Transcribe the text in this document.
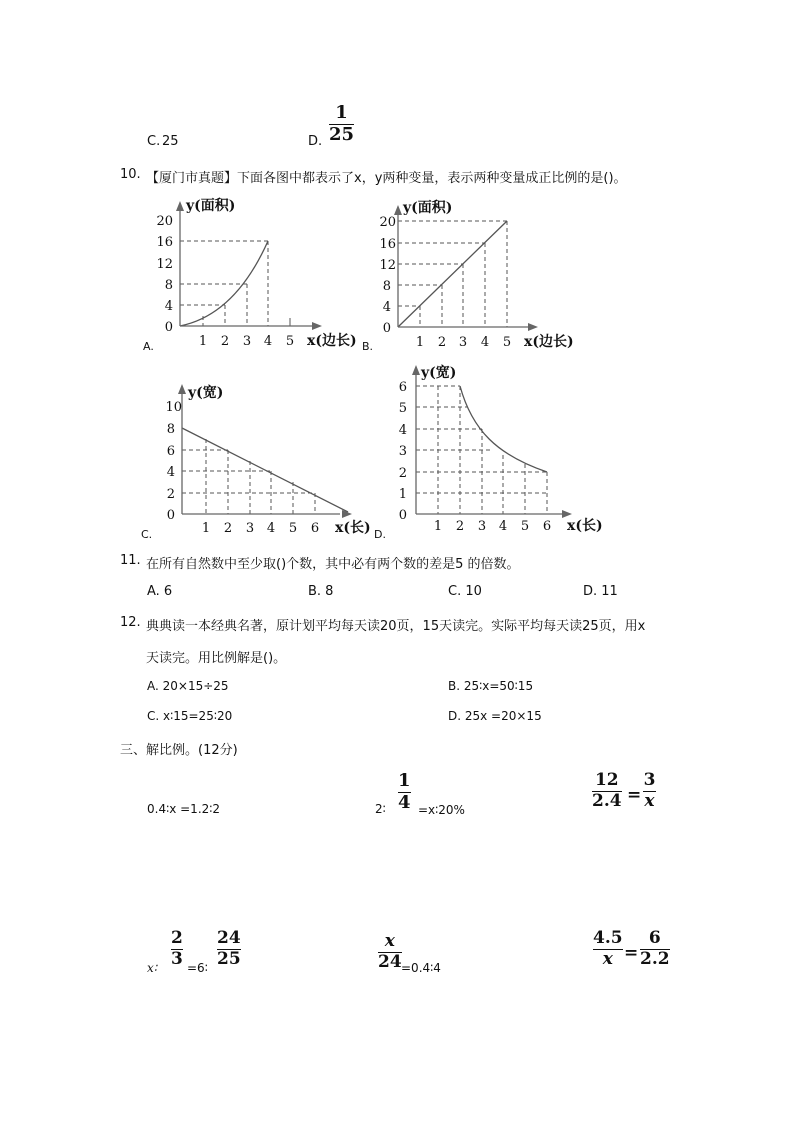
C. 25	D.
1
25
10. 【厦门市真题】下面各图中都表示了x，y两种变量，表示两种变量成正比例的是()。
y(面积)
x(边长)
20
16
12
8
4
0
1 2 3 4 5
A.
y(面积)
x(边长)
20
16
12
8
4
0
1 2 3 4 5
B.
y(宽)
x(长)
10
8
6
4
2
0
1 2 3 4 5 6
C.
y(宽)
x(长)
6
5
4
3
2
1
0
1 2 3 4 5 6
D.
11. 在所有自然数中至少取()个数，其中必有两个数的差是5 的倍数。
A. 6	B. 8	C. 10	D. 11
12. 典典读一本经典名著，原计划平均每天读20页，15天读完。实际平均每天读25页，用x
天读完。用比例解是()。
A. 20×15÷25	B. 25∶x=50∶15
C. x∶15=25∶20	D. 25x =20×15
三、解比例。(12分)
0.4∶x =1.2∶2	2∶
1
4 =x∶20%
12
2.4 =
3
x
x∶
2
3 =6∶
24
25
x
24 =0.4∶4
4.5
x =
6
2.2
